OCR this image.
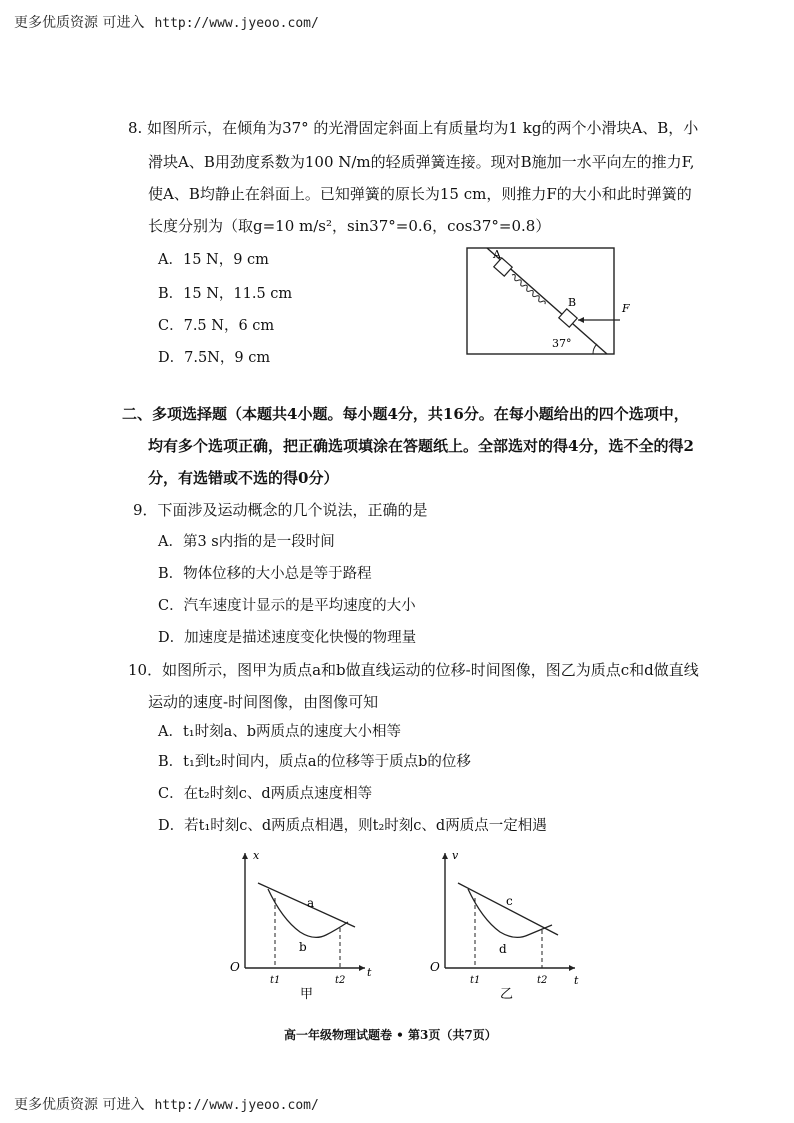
更多优质资源 可进入 http://www.jyeoo.com/
8. 如图所示，在倾角为37° 的光滑固定斜面上有质量均为1 kg的两个小滑块A、B，小
滑块A、B用劲度系数为100 N/m的轻质弹簧连接。现对B施加一水平向左的推力F,
使A、B均静止在斜面上。已知弹簧的原长为15 cm，则推力F的大小和此时弹簧的
长度分别为（取g=10 m/s²，sin37°=0.6，cos37°=0.8）
A．15 N，9 cm
B．15 N，11.5 cm
C．7.5 N，6 cm
D．7.5N，9 cm
A
B	F
37°
二、多项选择题（本题共4小题。每小题4分，共16分。在每小题给出的四个选项中，
均有多个选项正确，把正确选项填涂在答题纸上。全部选对的得4分，选不全的得2
分，有选错或不选的得0分）
9．下面涉及运动概念的几个说法，正确的是
A．第3 s内指的是一段时间
B．物体位移的大小总是等于路程
C．汽车速度计显示的是平均速度的大小
D．加速度是描述速度变化快慢的物理量
10．如图所示，图甲为质点a和b做直线运动的位移-时间图像，图乙为质点c和d做直线
运动的速度-时间图像，由图像可知
A．t₁时刻a、b两质点的速度大小相等
B．t₁到t₂时间内，质点a的位移等于质点b的位移
C．在t₂时刻c、d两质点速度相等
D．若t₁时刻c、d两质点相遇，则t₂时刻c、d两质点一定相遇
x
t
O
a
b
t1	t2
甲
v
t
O
c
d
t1	t2
乙
高一年级物理试题卷 • 第3页（共7页）
更多优质资源 可进入 http://www.jyeoo.com/
